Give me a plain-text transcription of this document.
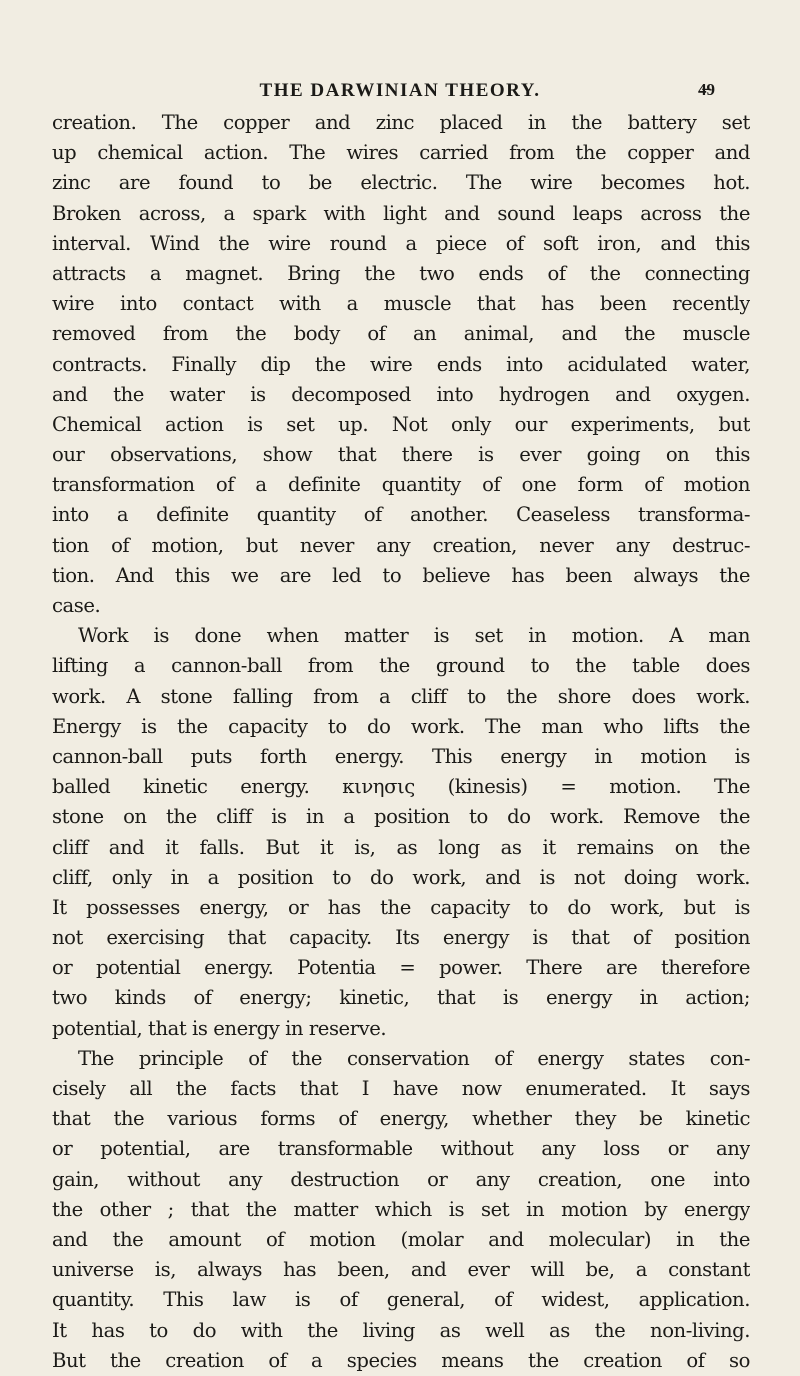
THE DARWINIAN THEORY.	4̶9
creation. The copper and zinc placed in the battery set
up chemical action. The wires carried from the copper and
zinc are found to be electric. The wire becomes hot.
Broken across, a spark with light and sound leaps across the
interval. Wind the wire round a piece of soft iron, and this
attracts a magnet. Bring the two ends of the connecting
wire into contact with a muscle that has been recently
removed from the body of an animal, and the muscle
contracts. Finally dip the wire ends into acidulated water,
and the water is decomposed into hydrogen and oxygen.
Chemical action is set up. Not only our experiments, but
our observations, show that there is ever going on this
transformation of a definite quantity of one form of motion
into a definite quantity of another. Ceaseless transforma-
tion of motion, but never any creation, never any destruc-
tion. And this we are led to believe has been always the
case.
Work is done when matter is set in motion. A man
lifting a cannon-ball from the ground to the table does
work. A stone falling from a cliff to the shore does work.
Energy is the capacity to do work. The man who lifts the
cannon-ball puts forth energy. This energy in motion is
balled kinetic energy. κινησις (kinesis) = motion. The
stone on the cliff is in a position to do work. Remove the
cliff and it falls. But it is, as long as it remains on the
cliff, only in a position to do work, and is not doing work.
It possesses energy, or has the capacity to do work, but is
not exercising that capacity. Its energy is that of position
or potential energy. Potentia = power. There are therefore
two kinds of energy; kinetic, that is energy in action;
potential, that is energy in reserve.
The principle of the conservation of energy states con-
cisely all the facts that I have now enumerated. It says
that the various forms of energy, whether they be kinetic
or potential, are transformable without any loss or any
gain, without any destruction or any creation, one into
the other ; that the matter which is set in motion by energy
and the amount of motion (molar and molecular) in the
universe is, always has been, and ever will be, a constant
quantity. This law is of general, of widest, application.
It has to do with the living as well as the non-living.
But the creation of a species means the creation of so
